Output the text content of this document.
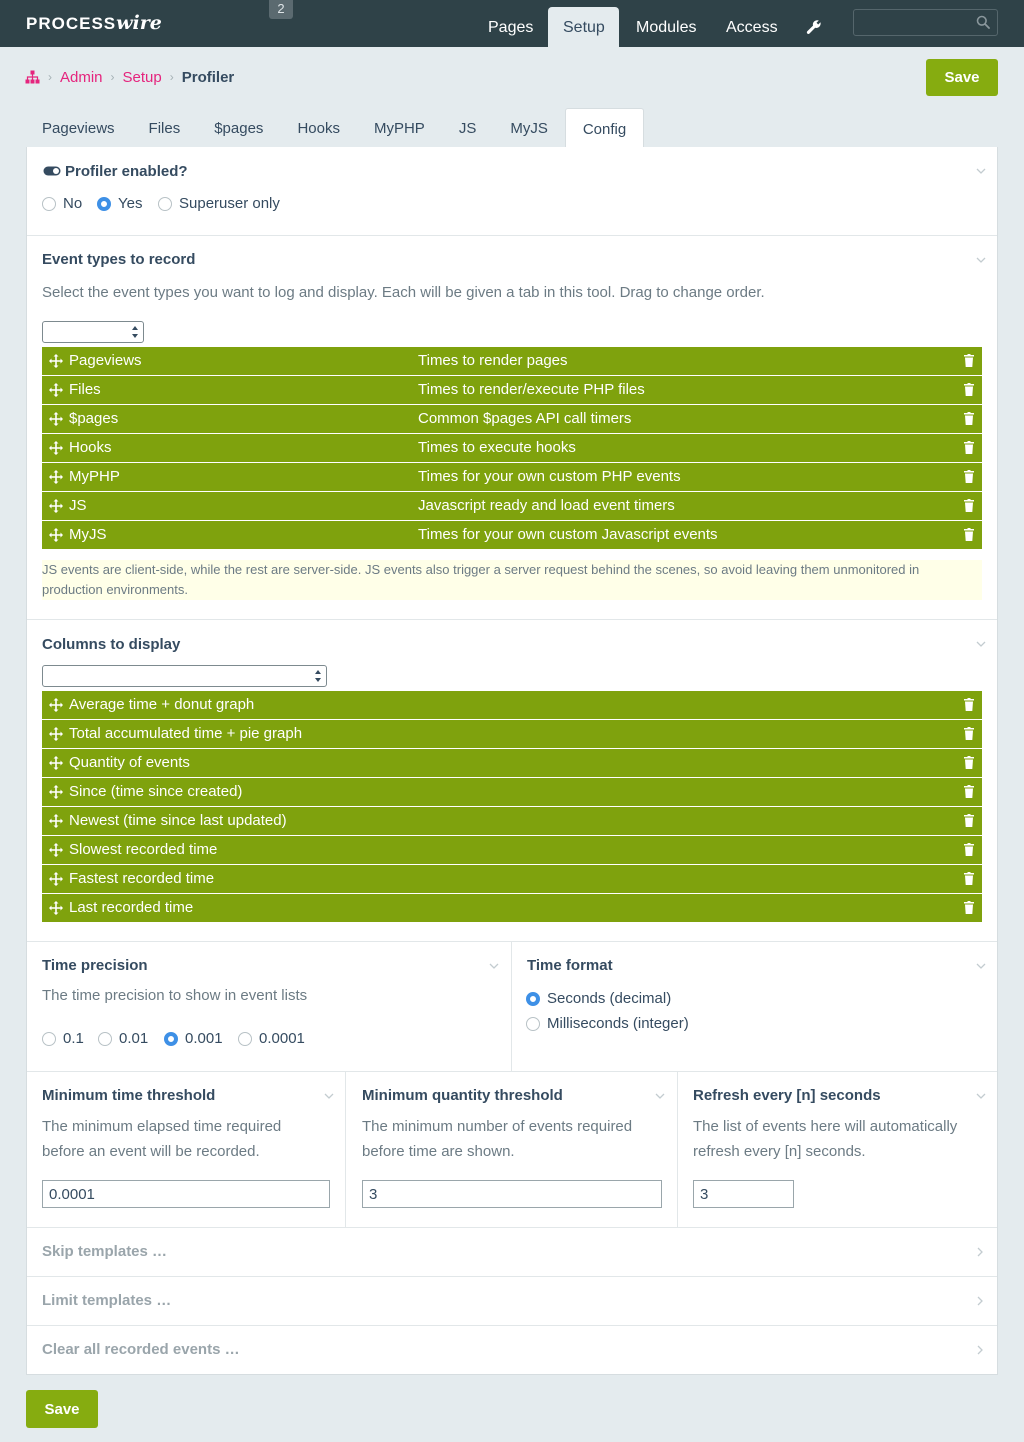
PROCESSwire
2
Pages	Setup	Modules	Access
› Admin › Setup › Profiler	Save
Pageviews	Files	$pages	Hooks	MyPHP	JS	MyJS	Config
Profiler enabled?
No Yes Superuser only
Event types to record
Select the event types you want to log and display. Each will be given a tab in this tool. Drag to change order.
Pageviews	Times to render pages
Files	Times to render/execute PHP files
$pages	Common $pages API call timers
Hooks	Times to execute hooks
MyPHP	Times for your own custom PHP events
JS	Javascript ready and load event timers
MyJS	Times for your own custom Javascript events
JS events are client-side, while the rest are server-side. JS events also trigger a server request behind the scenes, so avoid leaving them unmonitored in production environments.
Columns to display
Average time + donut graph
Total accumulated time + pie graph
Quantity of events
Since (time since created)
Newest (time since last updated)
Slowest recorded time
Fastest recorded time
Last recorded time
Time precision
The time precision to show in event lists
0.1 0.01 0.001 0.0001
Time format
Seconds (decimal)
Milliseconds (integer)
Minimum time threshold
The minimum elapsed time required before an event will be recorded.
0.0001
Minimum quantity threshold
The minimum number of events required before time are shown.
3
Refresh every [n] seconds
The list of events here will automatically refresh every [n] seconds.
3
Skip templates …
Limit templates …
Clear all recorded events …
Save
